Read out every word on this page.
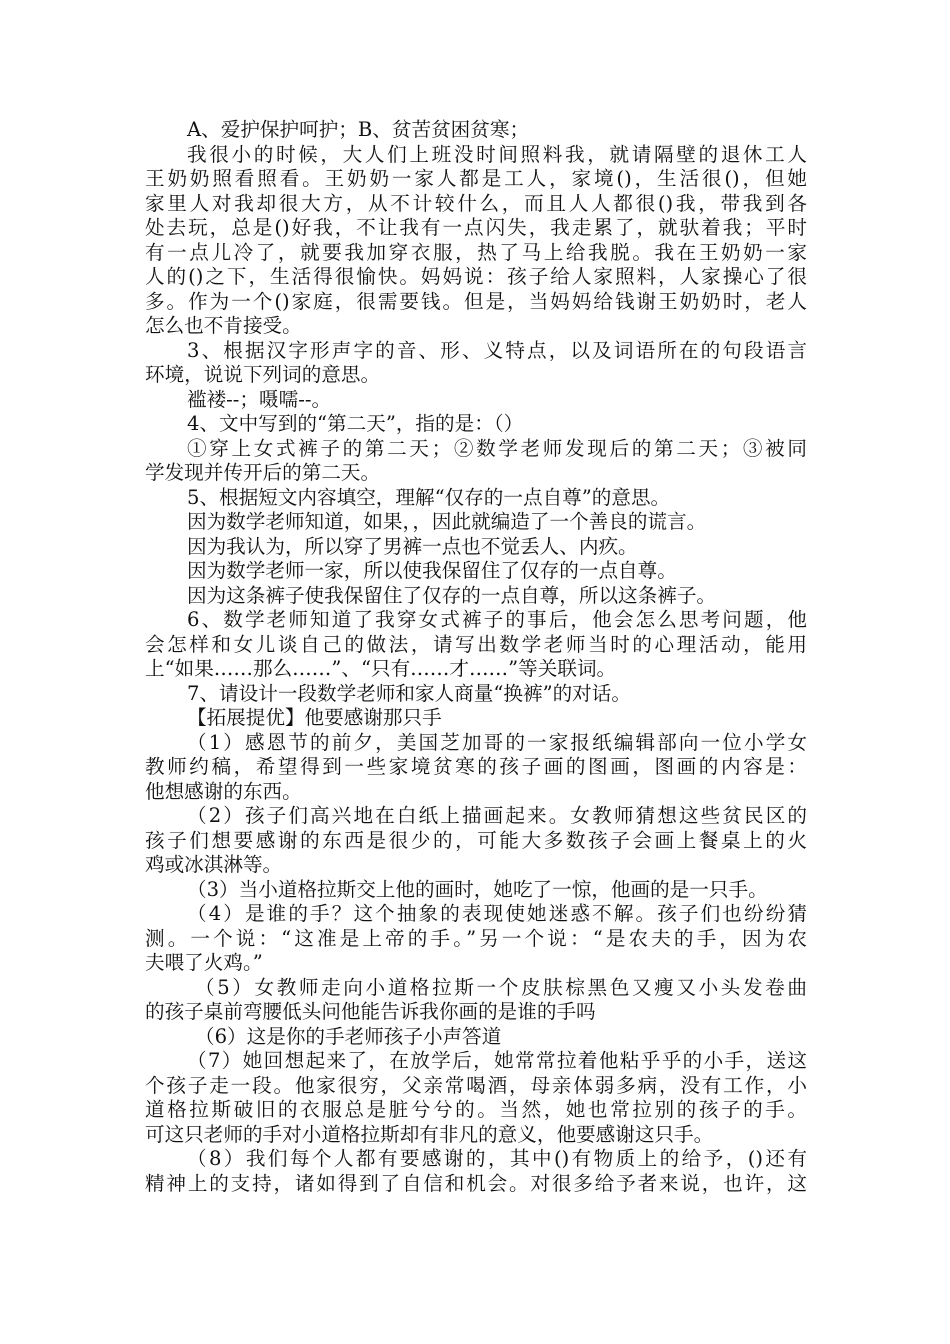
A、爱护保护呵护；B、贫苦贫困贫寒；
我很小的时候，大人们上班没时间照料我，就请隔壁的退休工人
王奶奶照看照看。王奶奶一家人都是工人，家境()，生活很()，但她
家里人对我却很大方，从不计较什么，而且人人都很()我，带我到各
处去玩，总是()好我，不让我有一点闪失，我走累了，就驮着我；平时
有一点儿冷了，就要我加穿衣服，热了马上给我脱。我在王奶奶一家
人的()之下，生活得很愉快。妈妈说：孩子给人家照料，人家操心了很
多。作为一个()家庭，很需要钱。但是，当妈妈给钱谢王奶奶时，老人
怎么也不肯接受。
3、根据汉字形声字的音、形、义特点，以及词语所在的句段语言
环境，说说下列词的意思。
褴褛--；嗫嚅--。
4、文中写到的“第二天”，指的是：（）
①穿上女式裤子的第二天；②数学老师发现后的第二天；③被同
学发现并传开后的第二天。
5、根据短文内容填空，理解“仅存的一点自尊”的意思。
因为数学老师知道，如果，，因此就编造了一个善良的谎言。
因为我认为，所以穿了男裤一点也不觉丢人、内疚。
因为数学老师一家，所以使我保留住了仅存的一点自尊。
因为这条裤子使我保留住了仅存的一点自尊，所以这条裤子。
6、数学老师知道了我穿女式裤子的事后，他会怎么思考问题，他
会怎样和女儿谈自己的做法，请写出数学老师当时的心理活动，能用
上“如果……那么……”、“只有……才……”等关联词。
7、请设计一段数学老师和家人商量“换裤”的对话。
【拓展提优】他要感谢那只手
（1）感恩节的前夕，美国芝加哥的一家报纸编辑部向一位小学女
教师约稿，希望得到一些家境贫寒的孩子画的图画，图画的内容是：
他想感谢的东西。
（2）孩子们高兴地在白纸上描画起来。女教师猜想这些贫民区的
孩子们想要感谢的东西是很少的，可能大多数孩子会画上餐桌上的火
鸡或冰淇淋等。
（3）当小道格拉斯交上他的画时，她吃了一惊，他画的是一只手。
（4）是谁的手？这个抽象的表现使她迷惑不解。孩子们也纷纷猜
测。一个说：“这准是上帝的手。”另一个说：“是农夫的手，因为农
夫喂了火鸡。”
（5）女教师走向小道格拉斯一个皮肤棕黑色又瘦又小头发卷曲
的孩子桌前弯腰低头问他能告诉我你画的是谁的手吗
（6）这是你的手老师孩子小声答道
（7）她回想起来了，在放学后，她常常拉着他粘乎乎的小手，送这
个孩子走一段。他家很穷，父亲常喝酒，母亲体弱多病，没有工作，小
道格拉斯破旧的衣服总是脏兮兮的。当然，她也常拉别的孩子的手。
可这只老师的手对小道格拉斯却有非凡的意义，他要感谢这只手。
（8）我们每个人都有要感谢的，其中()有物质上的给予，()还有
精神上的支持，诸如得到了自信和机会。对很多给予者来说，也许，这
